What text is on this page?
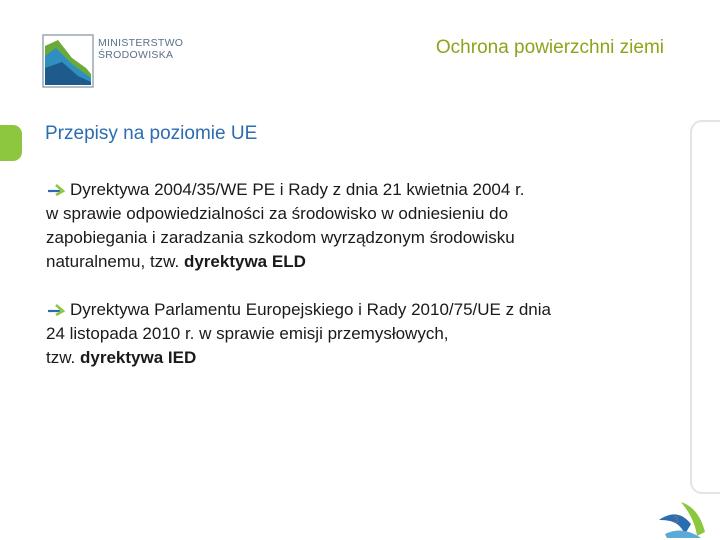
MINISTERSTWO
ŚRODOWISKA	Ochrona powierzchni ziemi
Przepisy na poziomie UE
Dyrektywa 2004/35/WE PE i Rady z dnia 21 kwietnia 2004 r.
w sprawie odpowiedzialności za środowisko w odniesieniu do
zapobiegania i zaradzania szkodom wyrządzonym środowisku
naturalnemu, tzw. dyrektywa ELD
Dyrektywa Parlamentu Europejskiego i Rady 2010/75/UE z dnia
24 listopada 2010 r. w sprawie emisji przemysłowych,
tzw. dyrektywa IED
3
